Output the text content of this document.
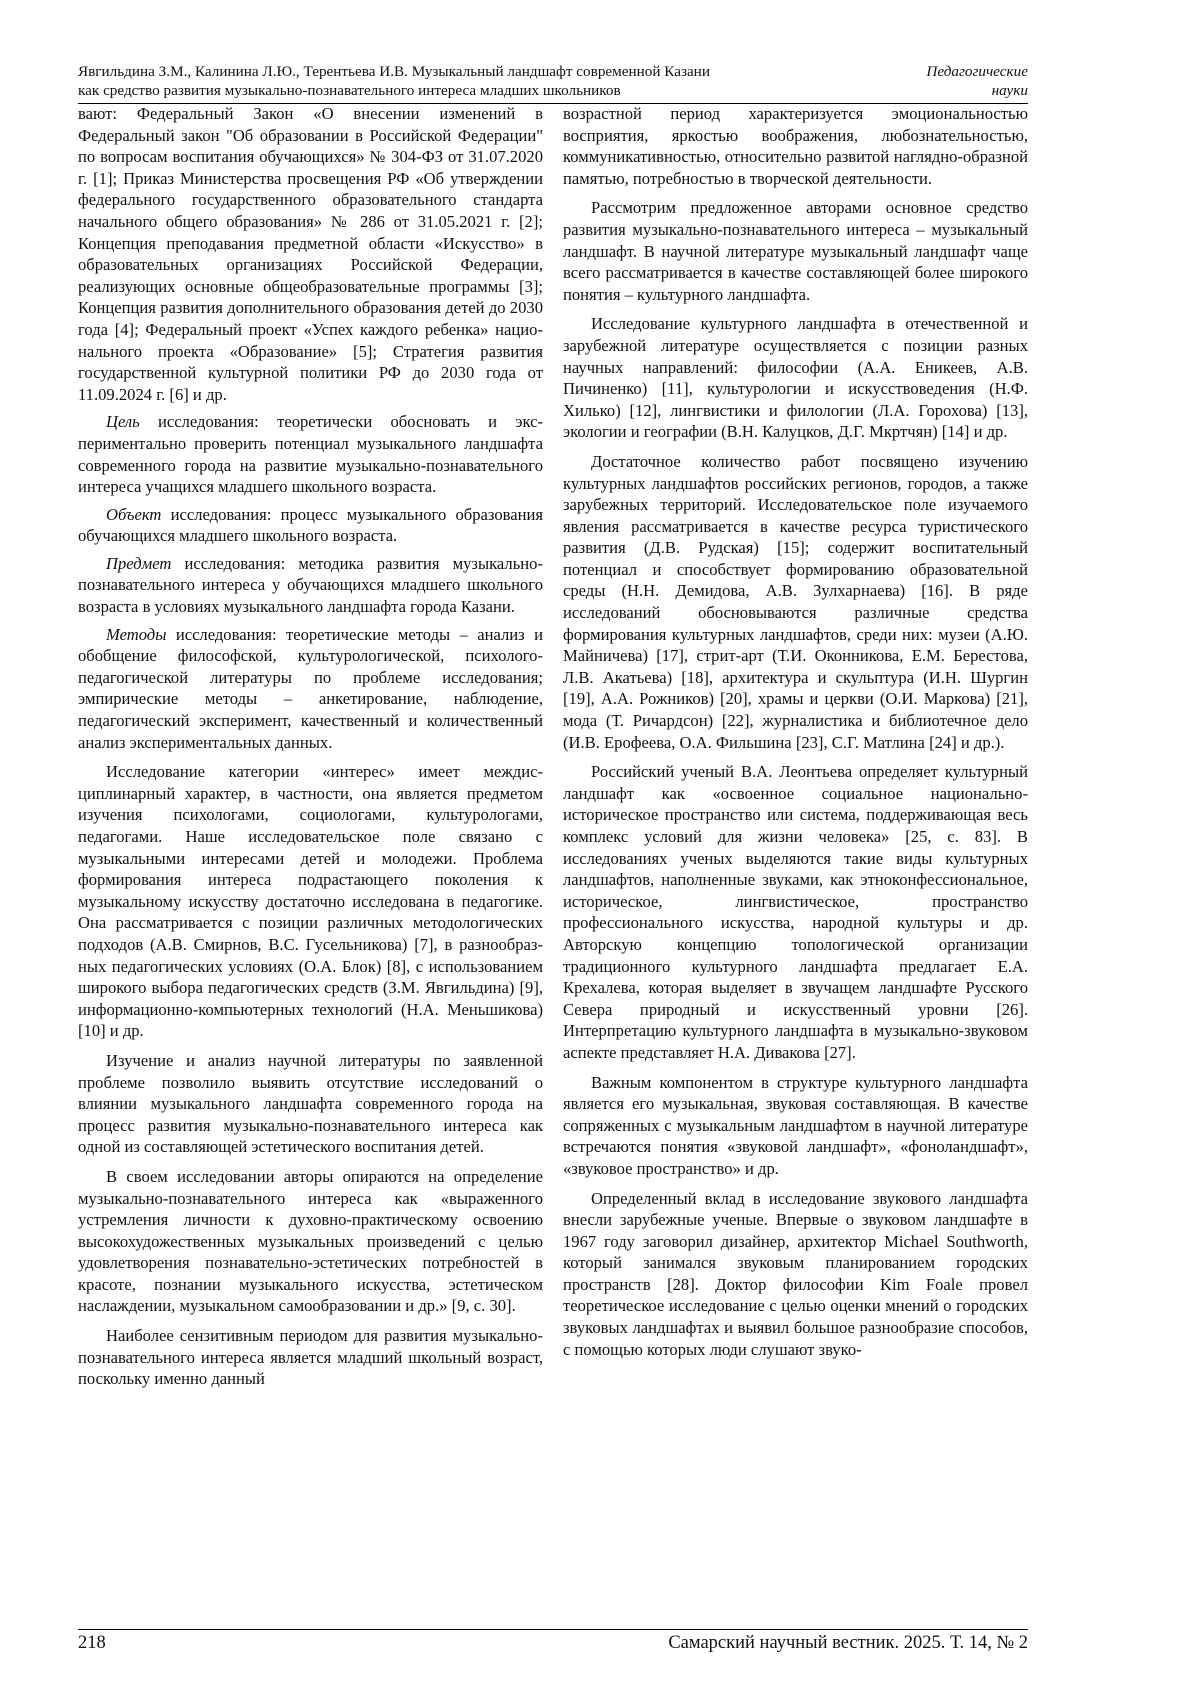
Явгильдина З.М., Калинина Л.Ю., Терентьева И.В. Музыкальный ландшафт современной Казани
как средство развития музыкально-познавательного интереса младших школьников
Педагогические
науки

вают: Федеральный Закон «О внесении изменений в Федеральный закон "Об образовании в Российской Федерации" по вопросам воспитания обучающихся» № 304-ФЗ от 31.07.2020 г. [1]; Приказ Министерства просвещения РФ «Об утверждении федерального государственного образовательного стандарта начального общего образования» № 286 от 31.05.2021 г. [2]; Концепция преподавания предметной области «Искусство» в образовательных организациях Российской Федерации, реализующих основные общеобразовательные программы [3]; Концепция развития дополнительного образования детей до 2030 года [4]; Федеральный проект «Успех каждого ребенка» национального проекта «Образование» [5]; Стратегия развития государственной культурной политики РФ до 2030 года от 11.09.2024 г. [6] и др.

Цель исследования: теоретически обосновать и экспериментально проверить потенциал музыкального ландшафта современного города на развитие музыкально-познавательного интереса учащихся младшего школьного возраста.

Объект исследования: процесс музыкального образования обучающихся младшего школьного возраста.

Предмет исследования: методика развития музыкально-познавательного интереса у обучающихся младшего школьного возраста в условиях музыкального ландшафта города Казани.

Методы исследования: теоретические методы – анализ и обобщение философской, культурологической, психолого-педагогической литературы по проблеме исследования; эмпирические методы – анкетирование, наблюдение, педагогический эксперимент, качественный и количественный анализ экспериментальных данных.

Исследование категории «интерес» имеет междисциплинарный характер, в частности, она является предметом изучения психологами, социологами, культурологами, педагогами. Наше исследовательское поле связано с музыкальными интересами детей и молодежи. Проблема формирования интереса подрастающего поколения к музыкальному искусству достаточно исследована в педагогике. Она рассматривается с позиции различных методологических подходов (А.В. Смирнов, В.С. Гусельникова) [7], в разнообразных педагогических условиях (О.А. Блок) [8], с использованием широкого выбора педагогических средств (З.М. Явгильдина) [9], информационно-компьютерных технологий (Н.А. Меньшикова) [10] и др.

Изучение и анализ научной литературы по заявленной проблеме позволило выявить отсутствие исследований о влиянии музыкального ландшафта современного города на процесс развития музыкально-познавательного интереса как одной из составляющей эстетического воспитания детей.

В своем исследовании авторы опираются на определение музыкально-познавательного интереса как «выраженного устремления личности к духовно-практическому освоению высокохудожественных музыкальных произведений с целью удовлетворения познавательно-эстетических потребностей в красоте, познании музыкального искусства, эстетическом наслаждении, музыкальном самообразовании и др.» [9, с. 30].

Наиболее сензитивным периодом для развития музыкально-познавательного интереса является младший школьный возраст, поскольку именно данный

возрастной период характеризуется эмоциональностью восприятия, яркостью воображения, любознательностью, коммуникативностью, относительно развитой наглядно-образной памятью, потребностью в творческой деятельности.

Рассмотрим предложенное авторами основное средство развития музыкально-познавательного интереса – музыкальный ландшафт. В научной литературе музыкальный ландшафт чаще всего рассматривается в качестве составляющей более широкого понятия – культурного ландшафта.

Исследование культурного ландшафта в отечественной и зарубежной литературе осуществляется с позиции разных научных направлений: философии (А.А. Еникеев, А.В. Пичиненко) [11], культурологии и искусствоведения (Н.Ф. Хилько) [12], лингвистики и филологии (Л.А. Горохова) [13], экологии и географии (В.Н. Калуцков, Д.Г. Мкртчян) [14] и др.

Достаточное количество работ посвящено изучению культурных ландшафтов российских регионов, городов, а также зарубежных территорий. Исследовательское поле изучаемого явления рассматривается в качестве ресурса туристического развития (Д.В. Рудская) [15]; содержит воспитательный потенциал и способствует формированию образовательной среды (Н.Н. Демидова, А.В. Зулхарнаева) [16]. В ряде исследований обосновываются различные средства формирования культурных ландшафтов, среди них: музеи (А.Ю. Майничева) [17], стрит-арт (Т.И. Оконникова, Е.М. Берестова, Л.В. Акатьева) [18], архитектура и скульптура (И.Н. Шургин [19], А.А. Рожников) [20], храмы и церкви (О.И. Маркова) [21], мода (Т. Ричардсон) [22], журналистика и библиотечное дело (И.В. Ерофеева, О.А. Фильшина [23], С.Г. Матлина [24] и др.).

Российский ученый В.А. Леонтьева определяет культурный ландшафт как «освоенное социальное национально-историческое пространство или система, поддерживающая весь комплекс условий для жизни человека» [25, с. 83]. В исследованиях ученых выделяются такие виды культурных ландшафтов, наполненные звуками, как этноконфессиональное, историческое, лингвистическое, пространство профессионального искусства, народной культуры и др. Авторскую концепцию топологической организации традиционного культурного ландшафта предлагает Е.А. Крехалева, которая выделяет в звучащем ландшафте Русского Севера природный и искусственный уровни [26]. Интерпретацию культурного ландшафта в музыкально-звуковом аспекте представляет Н.А. Дивакова [27].

Важным компонентом в структуре культурного ландшафта является его музыкальная, звуковая составляющая. В качестве сопряженных с музыкальным ландшафтом в научной литературе встречаются понятия «звуковой ландшафт», «фоноландшафт», «звуковое пространство» и др.

Определенный вклад в исследование звукового ландшафта внесли зарубежные ученые. Впервые о звуковом ландшафте в 1967 году заговорил дизайнер, архитектор Michael Southworth, который занимался звуковым планированием городских пространств [28]. Доктор философии Kim Foale провел теоретическое исследование с целью оценки мнений о городских звуковых ландшафтах и выявил большое разнообразие способов, с помощью которых люди слушают звуко-

218	Самарский научный вестник. 2025. Т. 14, № 2
